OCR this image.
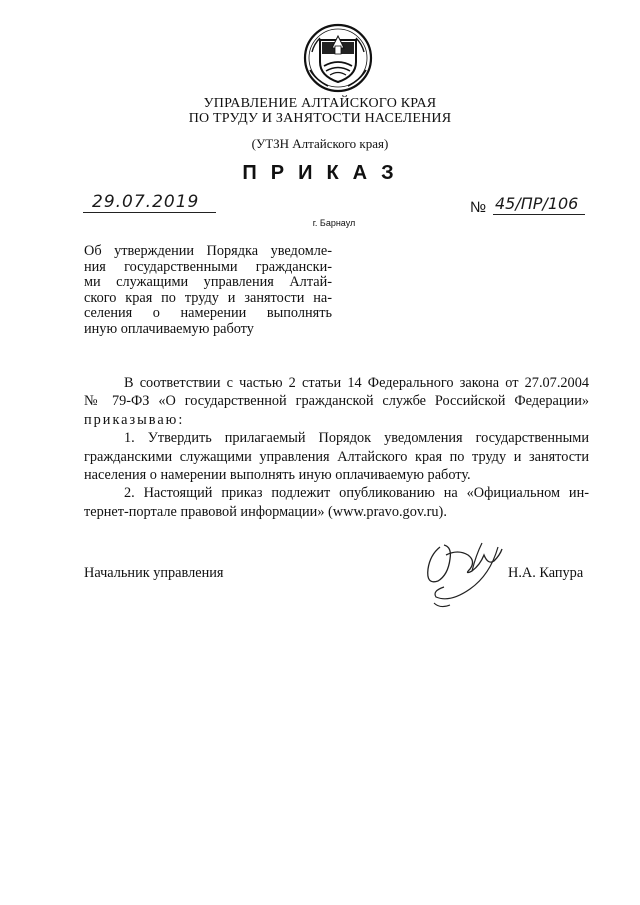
УПРАВЛЕНИЕ АЛТАЙСКОГО КРАЯ
ПО ТРУДУ И ЗАНЯТОСТИ НАСЕЛЕНИЯ
(УТЗН Алтайского края)
ПРИКАЗ
29.07.2019	№ 45/ПР/106
г. Барнаул
Об утверждении Порядка уведомле-
ния государственными граждански-
ми служащими управления Алтай-
ского края по труду и занятости на-
селения о намерении выполнять
иную оплачиваемую работу
В соответствии с частью 2 статьи 14 Федерального закона от 27.07.2004
№ 79-ФЗ «О государственной гражданской службе Российской Федерации»
приказываю:
1. Утвердить прилагаемый Порядок уведомления государственными
гражданскими служащими управления Алтайского края по труду и занятости
населения о намерении выполнять иную оплачиваемую работу.
2. Настоящий приказ подлежит опубликованию на «Официальном ин-
тернет-портале правовой информации» (www.pravo.gov.ru).
Начальник управления	Н.А. Капура
